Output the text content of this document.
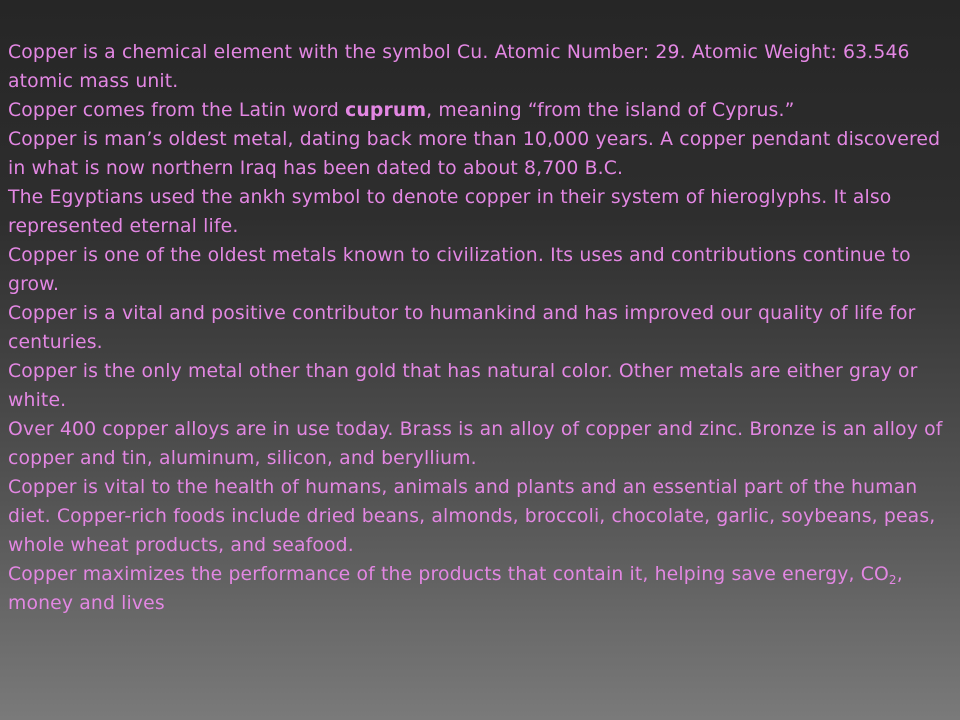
Copper is a chemical element with the symbol Cu. Atomic Number: 29. Atomic Weight: 63.546 atomic mass unit.

Copper comes from the Latin word cuprum, meaning “from the island of Cyprus.”

Copper is man’s oldest metal, dating back more than 10,000 years. A copper pendant discovered in what is now northern Iraq has been dated to about 8,700 B.C.

The Egyptians used the ankh symbol to denote copper in their system of hieroglyphs. It also represented eternal life.

Copper is one of the oldest metals known to civilization. Its uses and contributions continue to grow.

Copper is a vital and positive contributor to humankind and has improved our quality of life for centuries.

Copper is the only metal other than gold that has natural color. Other metals are either gray or white.

Over 400 copper alloys are in use today. Brass is an alloy of copper and zinc. Bronze is an alloy of copper and tin, aluminum, silicon, and beryllium.

Copper is vital to the health of humans, animals and plants and an essential part of the human diet. Copper-rich foods include dried beans, almonds, broccoli, chocolate, garlic, soybeans, peas, whole wheat products, and seafood.

Copper maximizes the performance of the products that contain it, helping save energy, $CO_2$, money and lives
